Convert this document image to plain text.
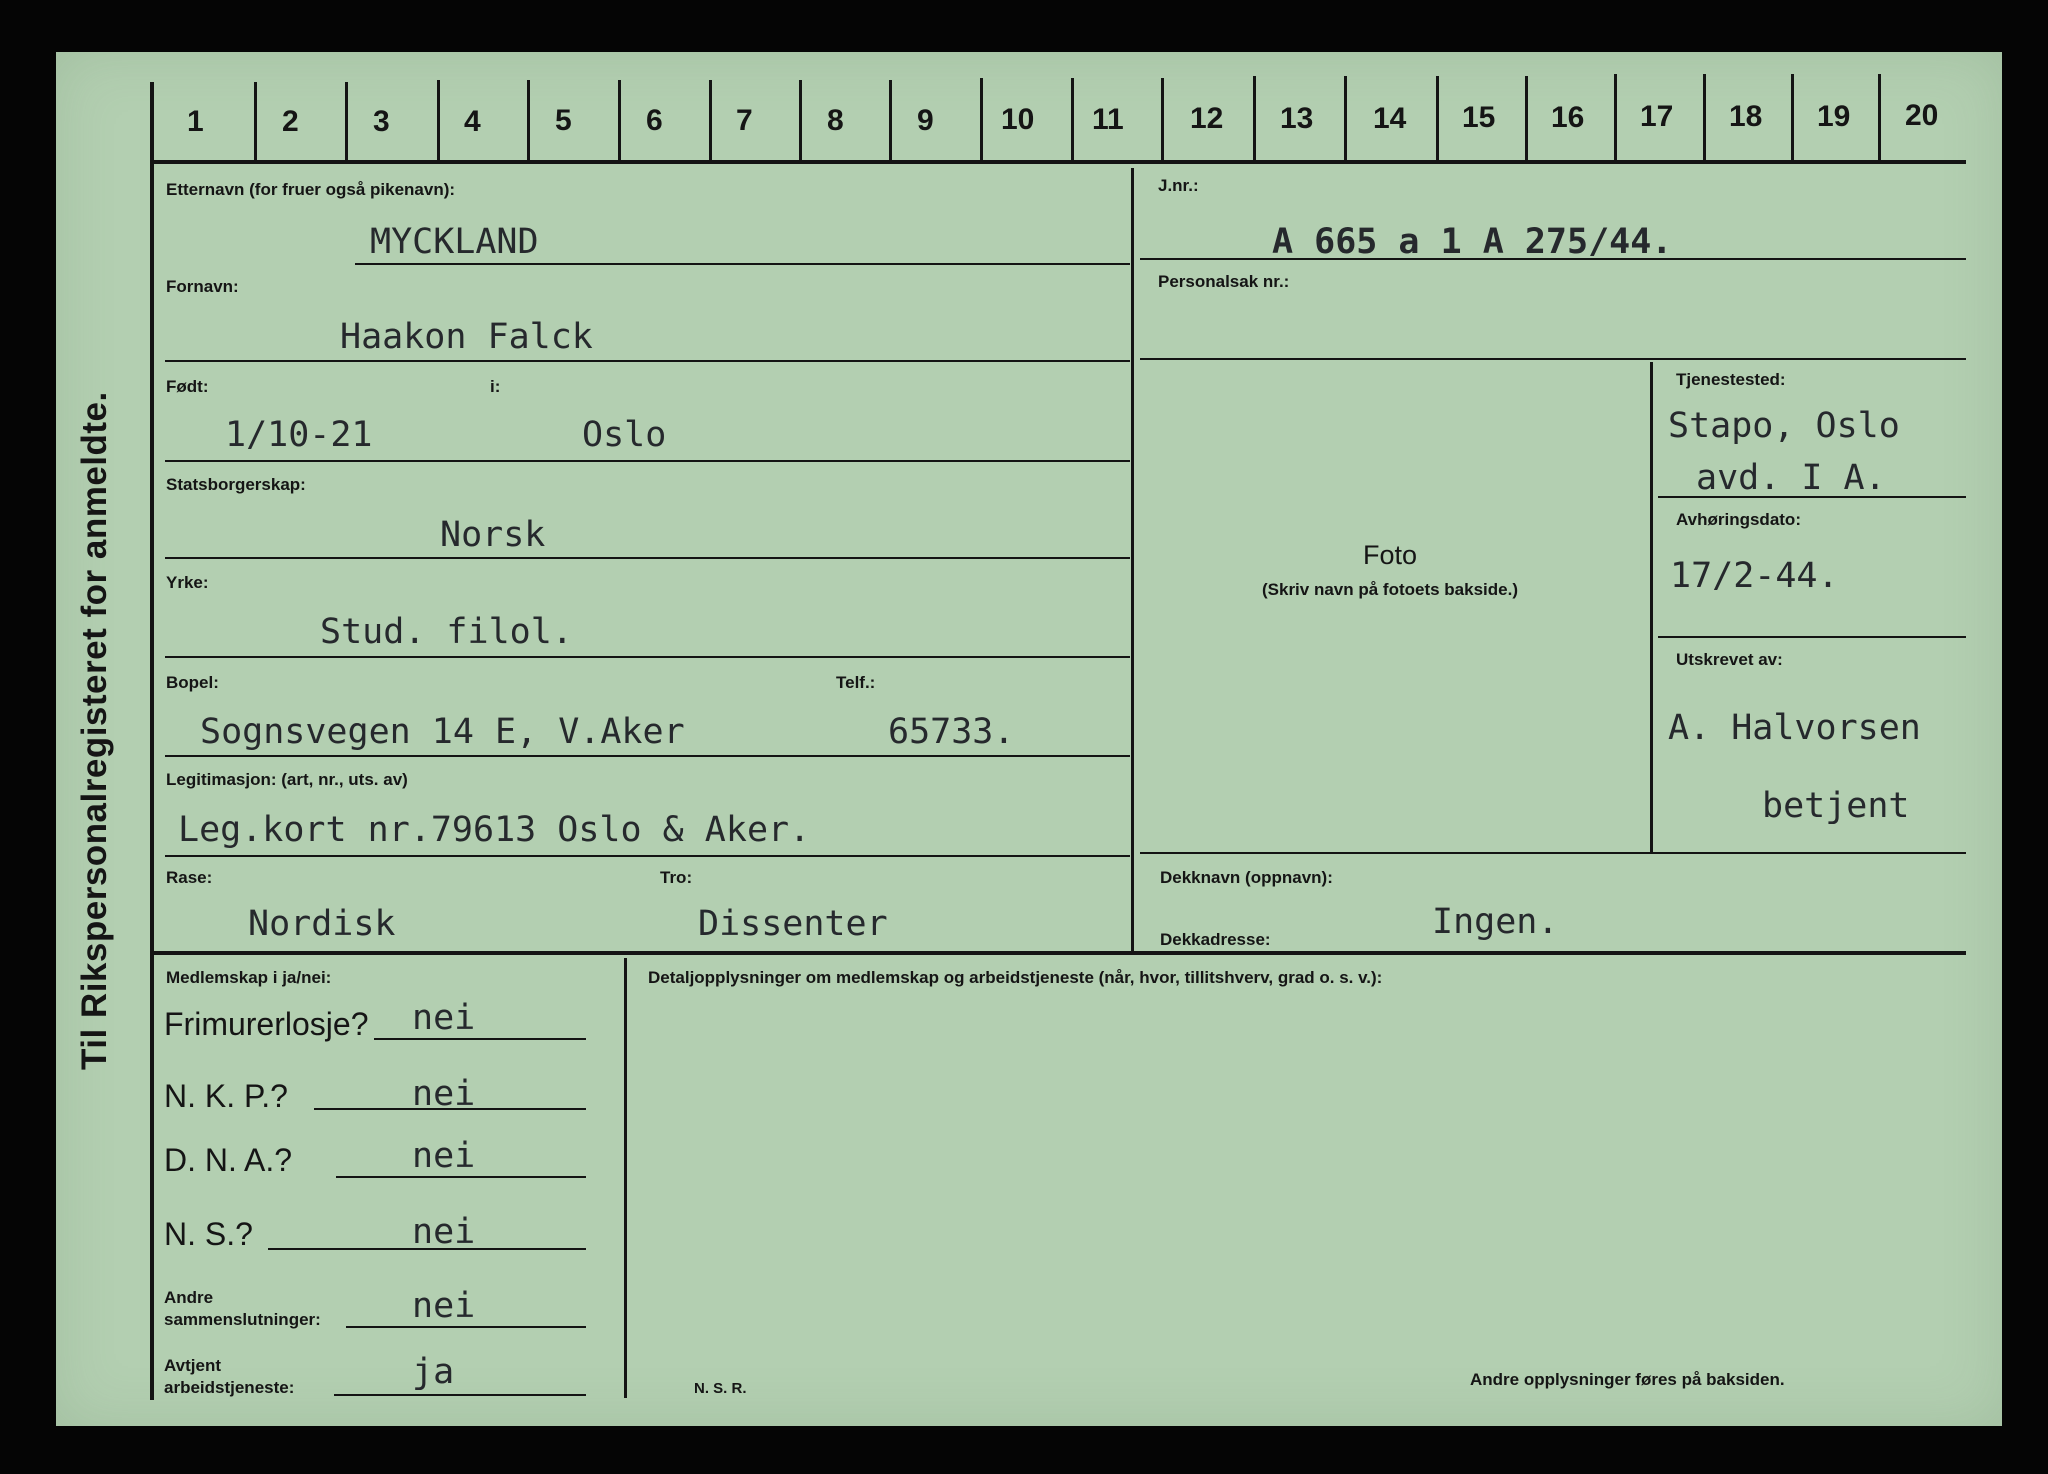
Til Rikspersonalregisteret for anmeldte.
1	2 3 4 5 6 7 8 9 10 11 12 13 14 15 16 17 18 19 20
Etternavn (for fruer også pikenavn):
MYCKLAND
Fornavn:
Haakon Falck
Født:	i:
1/10-21	Oslo
Statsborgerskap:
Norsk
Yrke:
Stud. filol.
Bopel:	Telf.:
Sognsvegen 14 E, V.Aker	65733.
Legitimasjon: (art, nr., uts. av)
Leg.kort nr.79613 Oslo & Aker.
Rase:	Tro:
Nordisk	Dissenter
J.nr.:
A 665 a 1 A 275/44.
Personalsak nr.:
Foto
(Skriv navn på fotoets bakside.)
Tjenestested:
Stapo, Oslo
avd. I A.
Avhøringsdato:
17/2-44.
Utskrevet av:
A. Halvorsen
betjent
Dekknavn (oppnavn):
Dekkadresse:	Ingen.
Medlemskap i ja/nei:	Detaljopplysninger om medlemskap og arbeidstjeneste (når, hvor, tillitshverv, grad o. s. v.):
Frimurerlosje? nei
N. K. P.?	nei
D. N. A.?	nei
N. S.?	nei
Andre
sammenslutninger:	nei
Avtjent
arbeidstjeneste:	ja	N. S. R.	Andre opplysninger føres på baksiden.
